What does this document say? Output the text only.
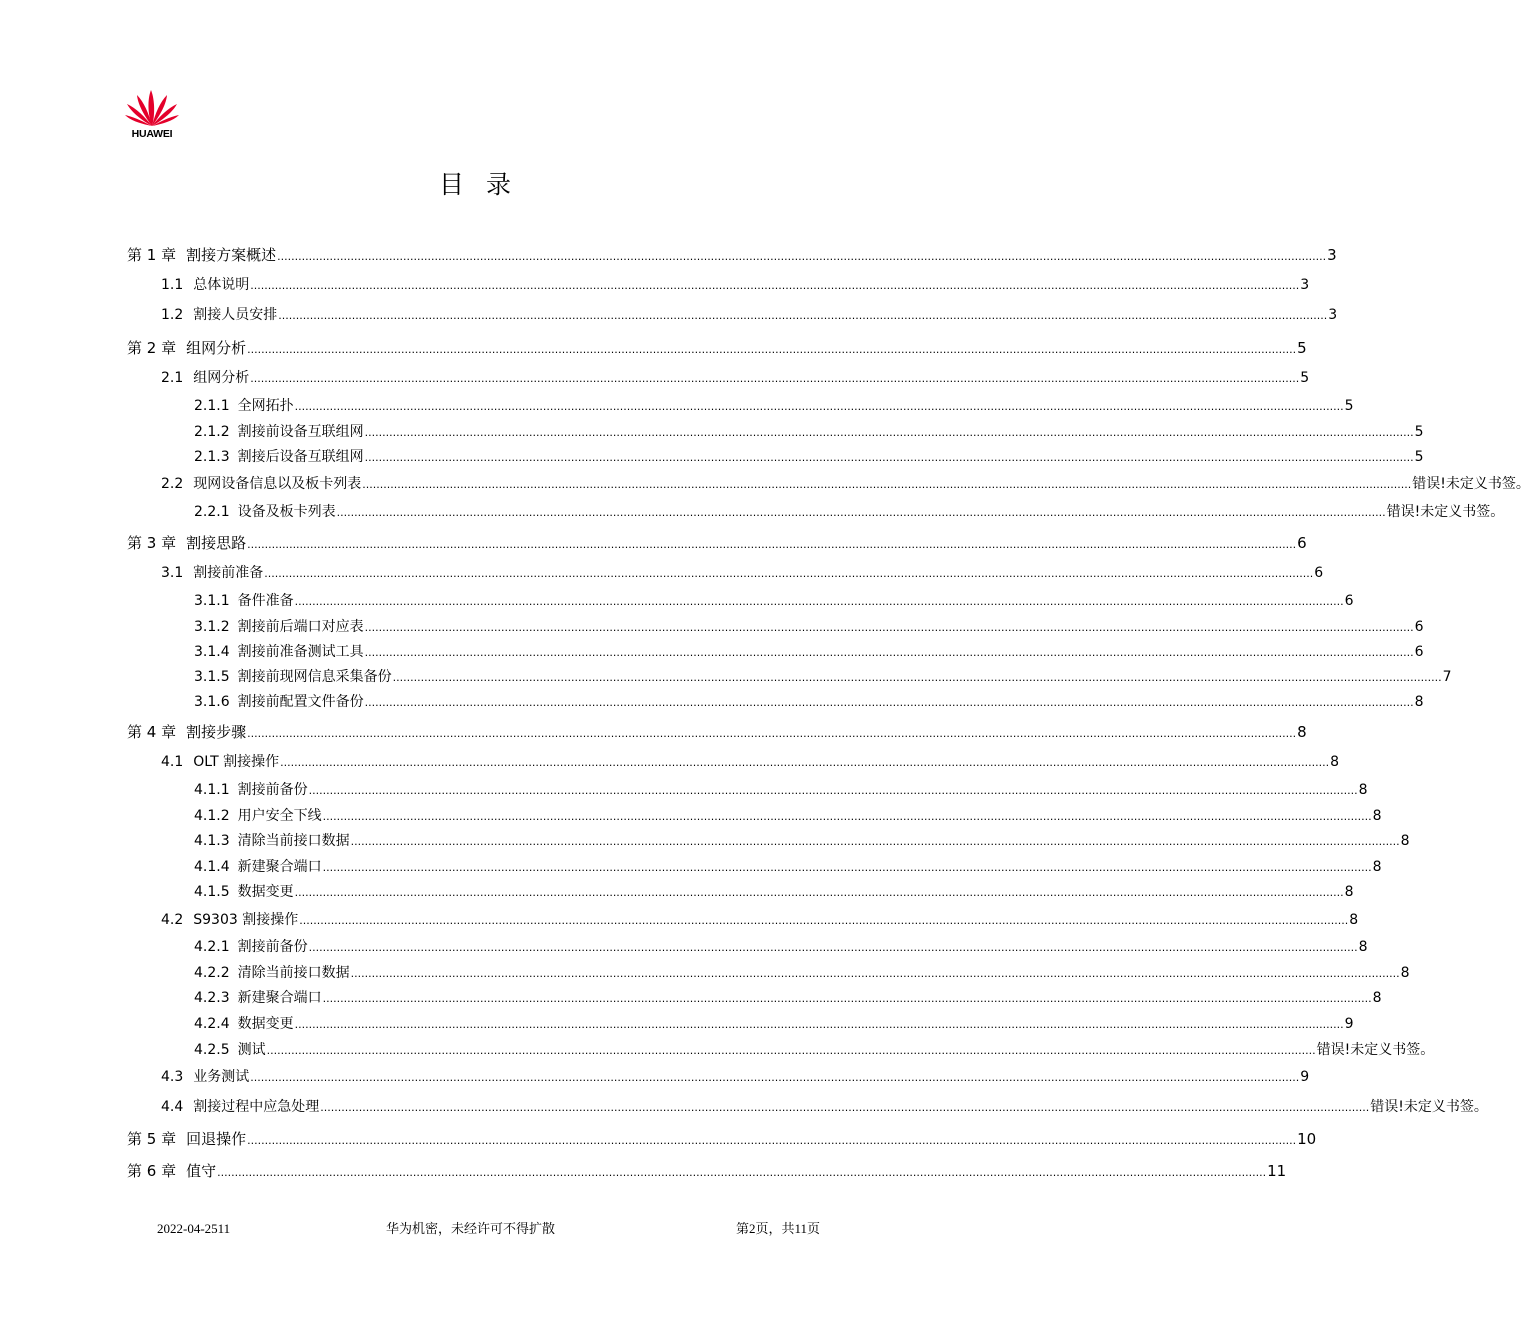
HUAWEI
目录
第 1 章 割接方案概述 ............................................................................................................................................................................................................................................................................................................ 3
1.1 总体说明 ............................................................................................................................................................................................................................................................................................................ 3
1.2 割接人员安排 ............................................................................................................................................................................................................................................................................................................ 3
第 2 章 组网分析 ............................................................................................................................................................................................................................................................................................................ 5
2.1 组网分析 ............................................................................................................................................................................................................................................................................................................ 5
2.1.1 全网拓扑 ............................................................................................................................................................................................................................................................................................................ 5
2.1.2 割接前设备互联组网 ............................................................................................................................................................................................................................................................................................................ 5
2.1.3 割接后设备互联组网 ............................................................................................................................................................................................................................................................................................................ 5
2.2 现网设备信息以及板卡列表 ............................................................................................................................................................................................................................................................................................................ 错误!未定义书签。
2.2.1 设备及板卡列表 ............................................................................................................................................................................................................................................................................................................ 错误!未定义书签。
第 3 章 割接思路 ............................................................................................................................................................................................................................................................................................................ 6
3.1 割接前准备 ............................................................................................................................................................................................................................................................................................................ 6
3.1.1 备件准备 ............................................................................................................................................................................................................................................................................................................ 6
3.1.2 割接前后端口对应表 ............................................................................................................................................................................................................................................................................................................ 6
3.1.4 割接前准备测试工具 ............................................................................................................................................................................................................................................................................................................ 6
3.1.5 割接前现网信息采集备份 ............................................................................................................................................................................................................................................................................................................ 7
3.1.6 割接前配置文件备份 ............................................................................................................................................................................................................................................................................................................ 8
第 4 章 割接步骤 ............................................................................................................................................................................................................................................................................................................ 8
4.1 OLT 割接操作 ............................................................................................................................................................................................................................................................................................................ 8
4.1.1 割接前备份 ............................................................................................................................................................................................................................................................................................................ 8
4.1.2 用户安全下线 ............................................................................................................................................................................................................................................................................................................ 8
4.1.3 清除当前接口数据 ............................................................................................................................................................................................................................................................................................................ 8
4.1.4 新建聚合端口 ............................................................................................................................................................................................................................................................................................................ 8
4.1.5 数据变更 ............................................................................................................................................................................................................................................................................................................ 8
4.2 S9303 割接操作 ............................................................................................................................................................................................................................................................................................................ 8
4.2.1 割接前备份 ............................................................................................................................................................................................................................................................................................................ 8
4.2.2 清除当前接口数据 ............................................................................................................................................................................................................................................................................................................ 8
4.2.3 新建聚合端口 ............................................................................................................................................................................................................................................................................................................ 8
4.2.4 数据变更 ............................................................................................................................................................................................................................................................................................................ 9
4.2.5 测试 ............................................................................................................................................................................................................................................................................................................ 错误!未定义书签。
4.3 业务测试 ............................................................................................................................................................................................................................................................................................................ 9
4.4 割接过程中应急处理 ............................................................................................................................................................................................................................................................................................................ 错误!未定义书签。
第 5 章 回退操作 ............................................................................................................................................................................................................................................................................................................ 10
第 6 章 值守 ............................................................................................................................................................................................................................................................................................................ 11
2022-04-2511	华为机密，未经许可不得扩散	第2页，共11页
